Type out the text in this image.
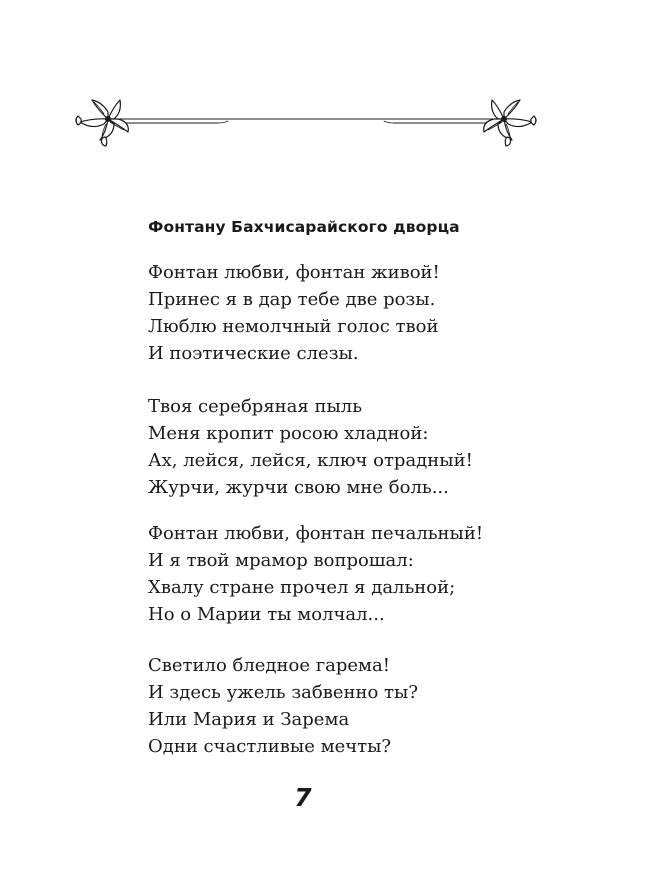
Фонтану Бахчисарайского дворца
Фонтан любви, фонтан живой!
Принес я в дар тебе две розы.
Люблю немолчный голос твой
И поэтические слезы.
Твоя серебряная пыль
Меня кропит росою хладной:
Ах, лейся, лейся, ключ отрадный!
Журчи, журчи свою мне боль...
Фонтан любви, фонтан печальный!
И я твой мрамор вопрошал:
Хвалу стране прочел я дальной;
Но о Марии ты молчал...
Светило бледное гарема!
И здесь ужель забвенно ты?
Или Мария и Зарема
Одни счастливые мечты?
7
